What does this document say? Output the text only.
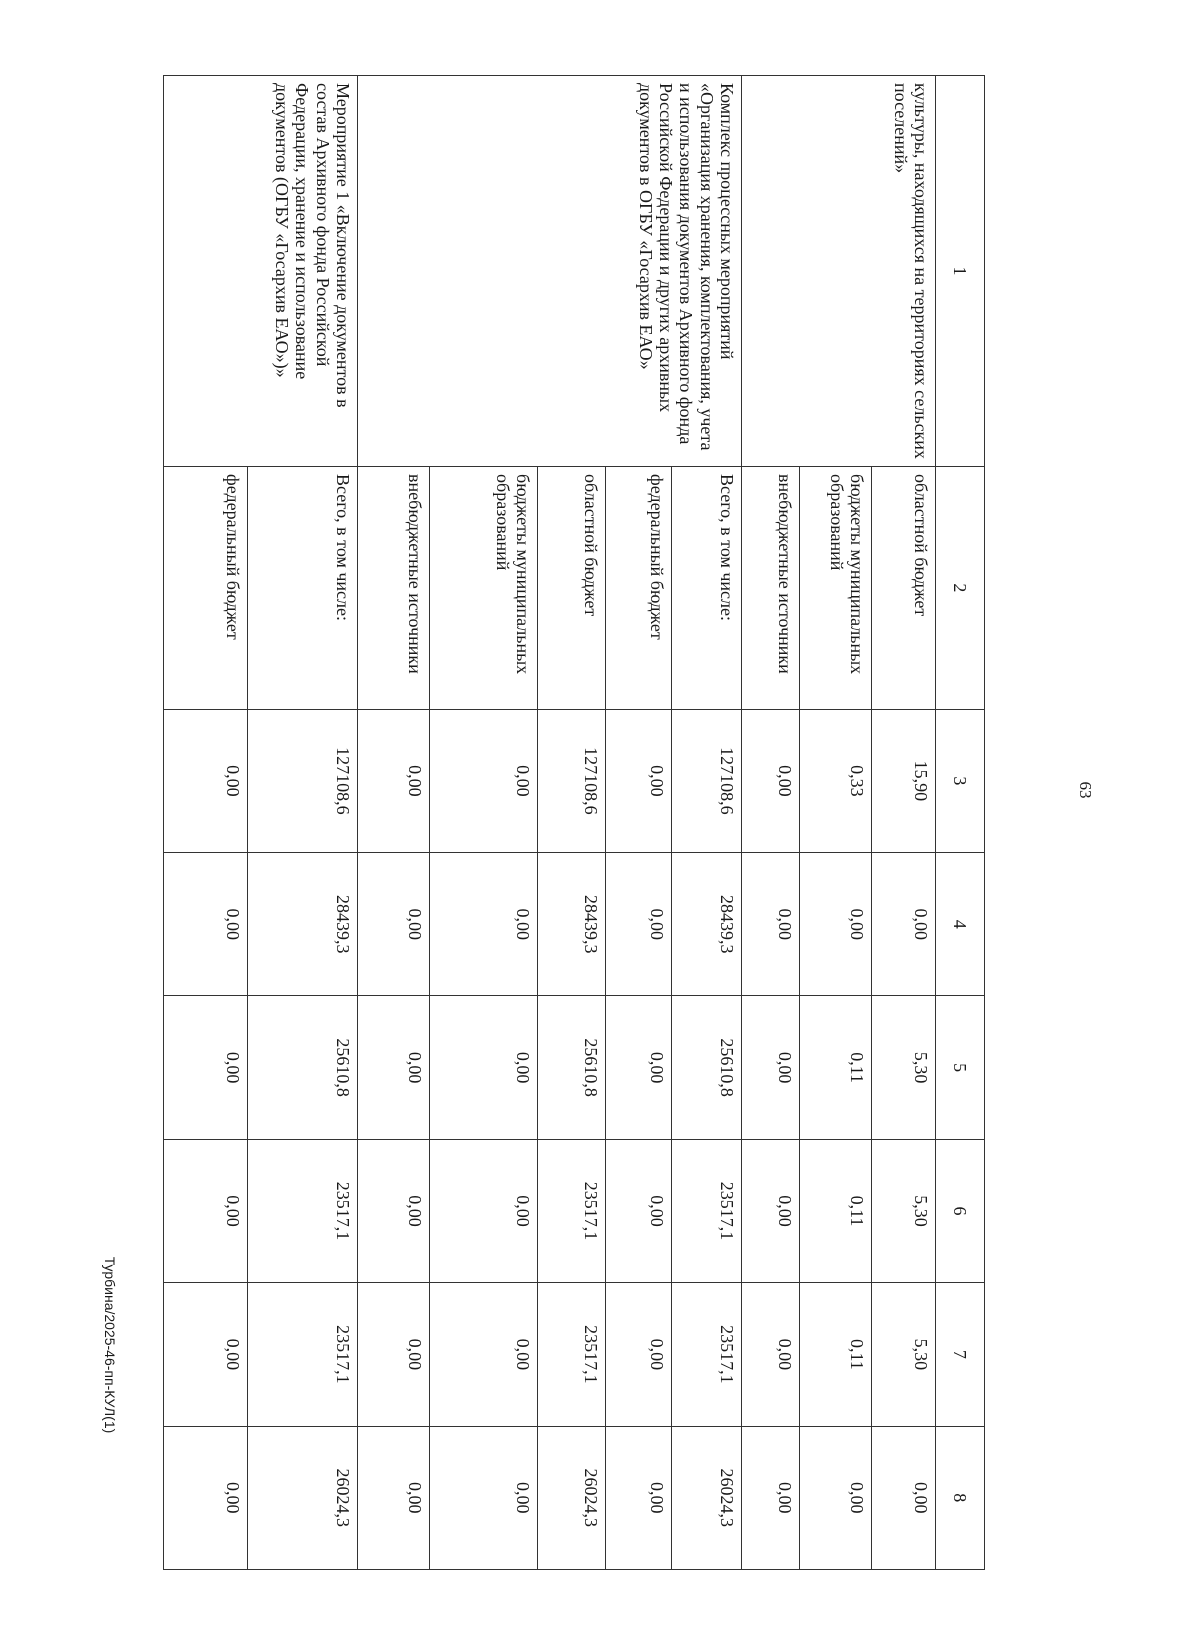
63
Турбина/2025-46-пп-КУЛ(1)
1	2	3	4	5	6	7	8
культуры, находящихся на территориях сельских поселений»	областной бюджет	15,90	0,00	5,30	5,30	5,30	0,00
	бюджеты муниципальных образований	0,33	0,00	0,11	0,11	0,11	0,00
	внебюджетные источники	0,00	0,00	0,00	0,00	0,00	0,00
Комплекс процессных мероприятий «Организация хранения, комплектования, учета и использования документов Архивного фонда Российской Федерации и других архивных документов в ОГБУ «Госархив ЕАО»	Всего, в том числе:	127108,6	28439,3	25610,8	23517,1	23517,1	26024,3
	федеральный бюджет	0,00	0,00	0,00	0,00	0,00	0,00
	областной бюджет	127108,6	28439,3	25610,8	23517,1	23517,1	26024,3
	бюджеты муниципальных образований	0,00	0,00	0,00	0,00	0,00	0,00
	внебюджетные источники	0,00	0,00	0,00	0,00	0,00	0,00
Мероприятие 1 «Включение документов в состав Архивного фонда Российской Федерации, хранение и использование документов (ОГБУ «Госархив ЕАО»)»	Всего, в том числе:	127108,6	28439,3	25610,8	23517,1	23517,1	26024,3
	федеральный бюджет	0,00	0,00	0,00	0,00	0,00	0,00
